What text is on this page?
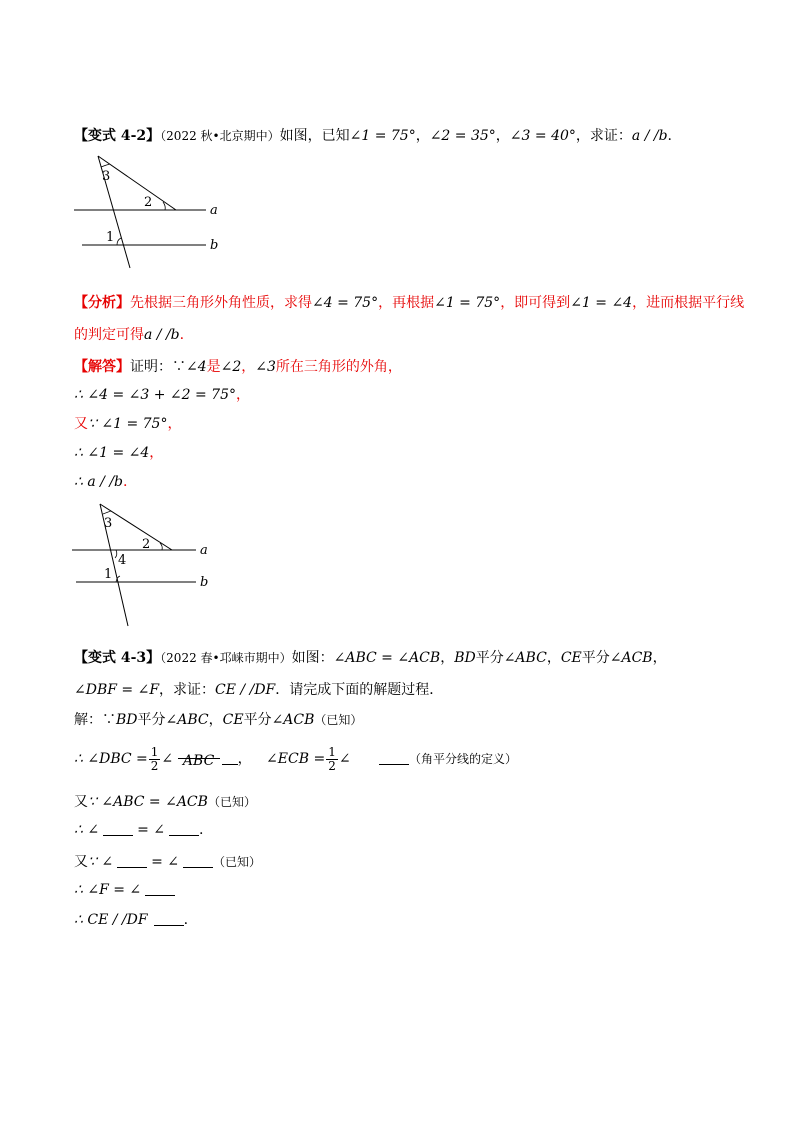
【变式 4-2】（2022 秋•北京期中）如图，已知∠1 = 75°，∠2 = 35°，∠3 = 40°，求证：a / /b.
3
2
1
a
b
【分析】先根据三角形外角性质，求得∠4 = 75°，再根据∠1 = 75°，即可得到∠1 = ∠4，进而根据平行线
的判定可得a / /b.
【解答】证明：∵∠4是∠2，∠3所在三角形的外角，
∴ ∠4 = ∠3 + ∠2 = 75°，
又∵ ∠1 = 75°，
∴ ∠1 = ∠4，
∴ a / /b.
3
2
4
1
a
b
【变式 4-3】（2022 春•邛崃市期中）如图：∠ABC = ∠ACB，BD平分∠ABC，CE平分∠ACB，
∠DBF = ∠F，求证：CE / /DF．请完成下面的解题过程．
解：∵BD平分∠ABC，CE平分∠ACB（已知）
∴ ∠DBC = $\frac{1}{2}$ ∠ ABC ， ∠ECB = $\frac{1}{2}$ ∠	（角平分线的定义）
又∵ ∠ABC = ∠ACB（已知）
∴ ∠	= ∠ .
又∵ ∠	= ∠	（已知）
∴ ∠F = ∠
∴ CE / /DF	.
